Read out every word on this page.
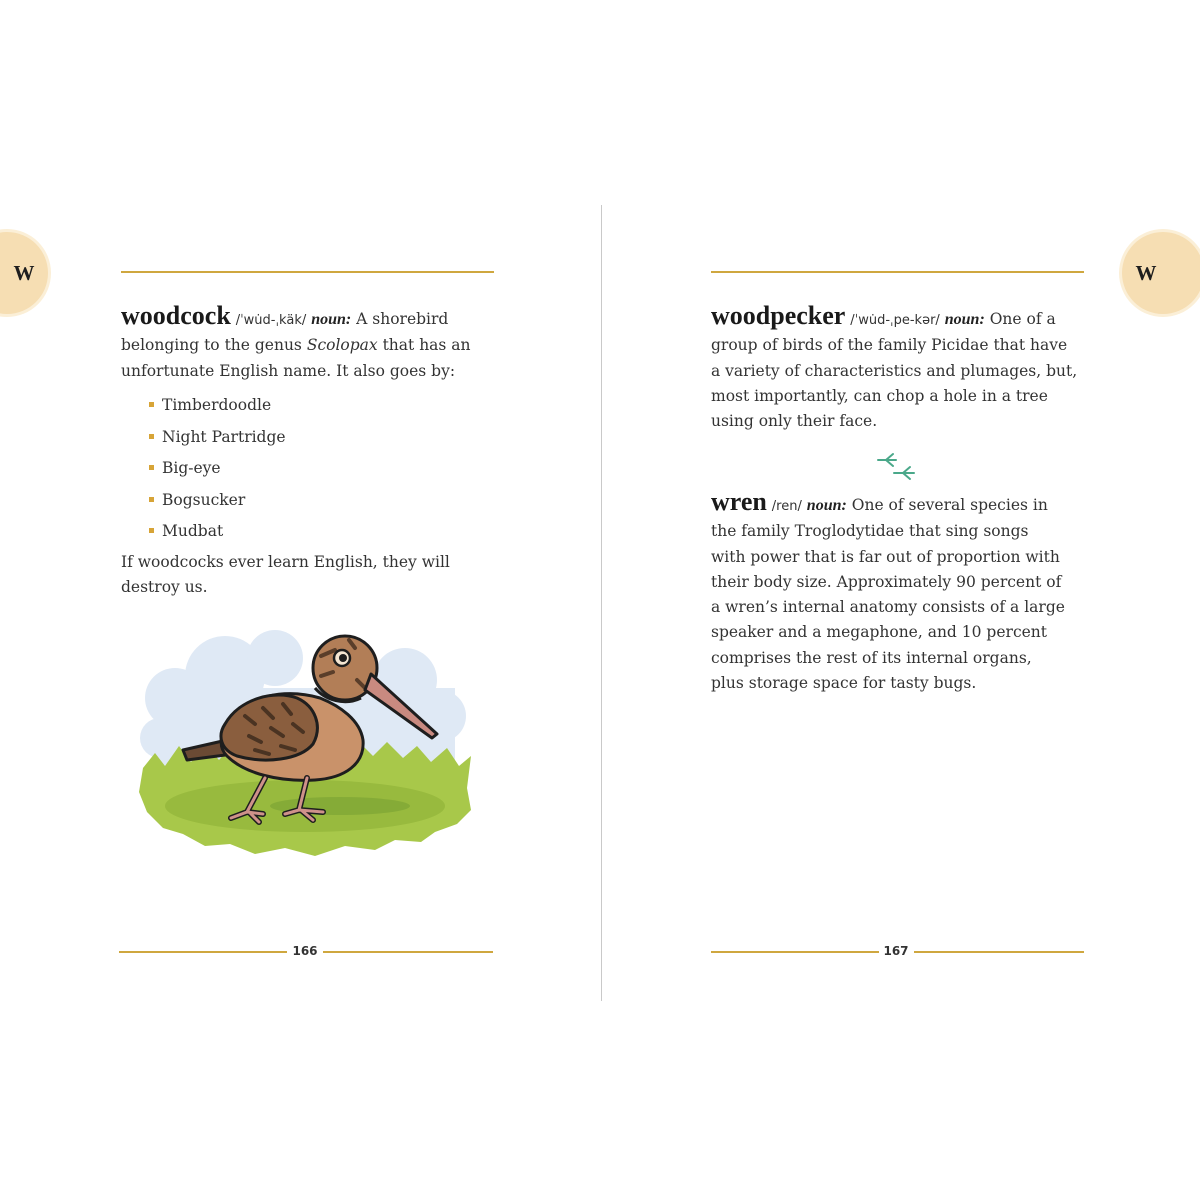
W	W
woodcock /ˈwu̇d-ˌkäk/ noun: A shorebird belonging to the genus Scolopax that has an unfortunate English name. It also goes by:
Timberdoodle
Night Partridge
Big-eye
Bogsucker
Mudbat
If woodcocks ever learn English, they will destroy us.
166
woodpecker /ˈwu̇d-ˌpe-kər/ noun: One of a group of birds of the family Picidae that have a variety of characteristics and plumages, but, most importantly, can chop a hole in a tree using only their face.
wren /ren/ noun: One of several species in the family Troglodytidae that sing songs with power that is far out of proportion with their body size. Approximately 90 percent of a wren’s internal anatomy consists of a large speaker and a megaphone, and 10 percent comprises the rest of its internal organs, plus storage space for tasty bugs.
167
